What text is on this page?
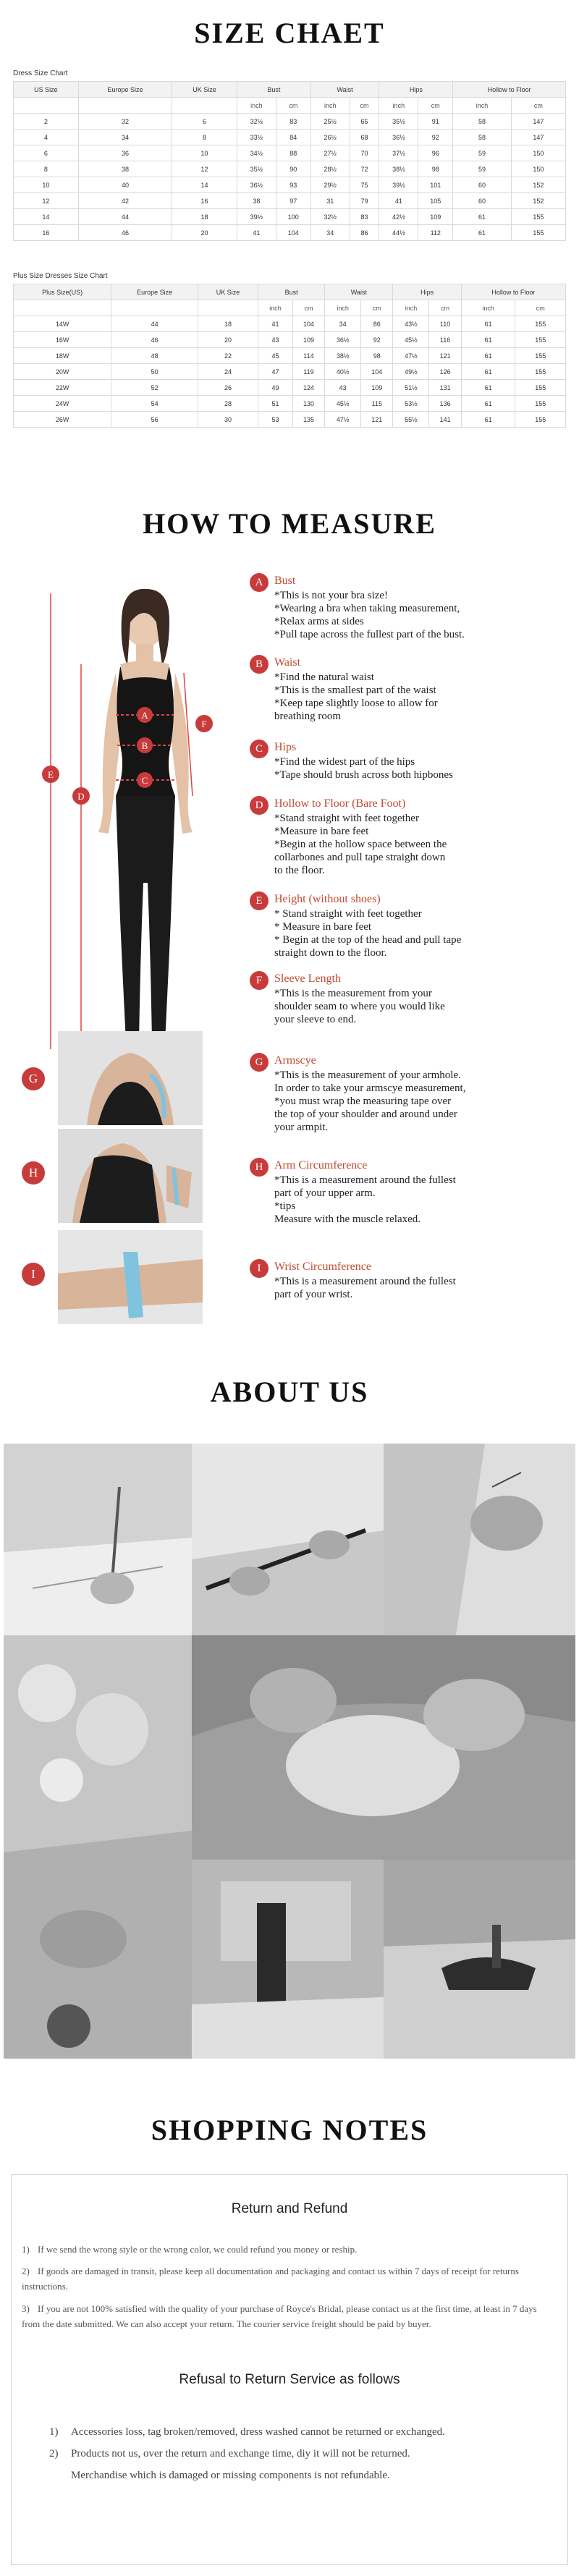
SIZE CHAET
Dress Size Chart
US Size	Europe Size	UK Size	Bust		Waist		Hips		Hollow to Floor	
			inch	cm	inch	cm	inch	cm	inch	cm
2	32	6	32½	83	25½	65	35½	91	58	147
4	34	8	33½	84	26½	68	36½	92	58	147
6	36	10	34½	88	27½	70	37½	96	59	150
8	38	12	35½	90	28½	72	38½	98	59	150
10	40	14	36½	93	29½	75	39½	101	60	152
12	42	16	38	97	31	79	41	105	60	152
14	44	18	39½	100	32½	83	42½	109	61	155
16	46	20	41	104	34	86	44½	112	61	155
Plus Size Dresses Size Chart
Plus Size(US)	Europe Size	UK Size	Bust		Waist		Hips		Hollow to Floor	
			inch	cm	inch	cm	inch	cm	inch	cm
14W	44	18	41	104	34	86	43½	110	61	155
16W	46	20	43	109	36½	92	45½	116	61	155
18W	48	22	45	114	38½	98	47½	121	61	155
20W	50	24	47	119	40½	104	49½	126	61	155
22W	52	26	49	124	43	109	51½	131	61	155
24W	54	28	51	130	45½	115	53½	136	61	155
26W	56	30	53	135	47½	121	55½	141	61	155
HOW TO MEASURE
A
B
C
D
E
F
G
H
I
A Bust
*This is not your bra size!
*Wearing a bra when taking measurement,
*Relax arms at sides
*Pull tape across the fullest part of the bust.
B	Waist
*Find the natural waist
*This is the smallest part of the waist
*Keep tape slightly loose to allow for
breathing room
C	Hips
*Find the widest part of the hips
*Tape should brush across both hipbones
D Hollow to Floor (Bare Foot)
*Stand straight with feet together
*Measure in bare feet
*Begin at the hollow space between the
collarbones and pull tape straight down
to the floor.
E	Height (without shoes)
* Stand straight with feet together
* Measure in bare feet
* Begin at the top of the head and pull tape
straight down to the floor.
F	Sleeve Length
*This is the measurement from your
shoulder seam to where you would like
your sleeve to end.
G Armscye
*This is the measurement of your armhole.
In order to take your armscye measurement,
*you must wrap the measuring tape over
the top of your shoulder and around under
your armpit.
H Arm Circumference
*This is a measurement around the fullest
part of your upper arm.
*tips
Measure with the muscle relaxed.
I	Wrist Circumference
*This is a measurement around the fullest
part of your wrist.
ABOUT US
SHOPPING NOTES
Return and Refund
1) If we send the wrong style or the wrong color, we could refund you money or reship.
2) If goods are damaged in transit, please keep all documentation and packaging and contact us within 7 days of receipt for returns instructions.
3) If you are not 100% satisfied with the quality of your purchase of Royce's Bridal, please contact us at the first time, at least in 7 days from the date submitted. We can also accept your return. The courier service freight should be paid by buyer.
Refusal to Return Service as follows
1) Accessories loss, tag broken/removed, dress washed cannot be returned or exchanged.
2) Products not us, over the return and exchange time, diy it will not be returned.
Merchandise which is damaged or missing components is not refundable.
